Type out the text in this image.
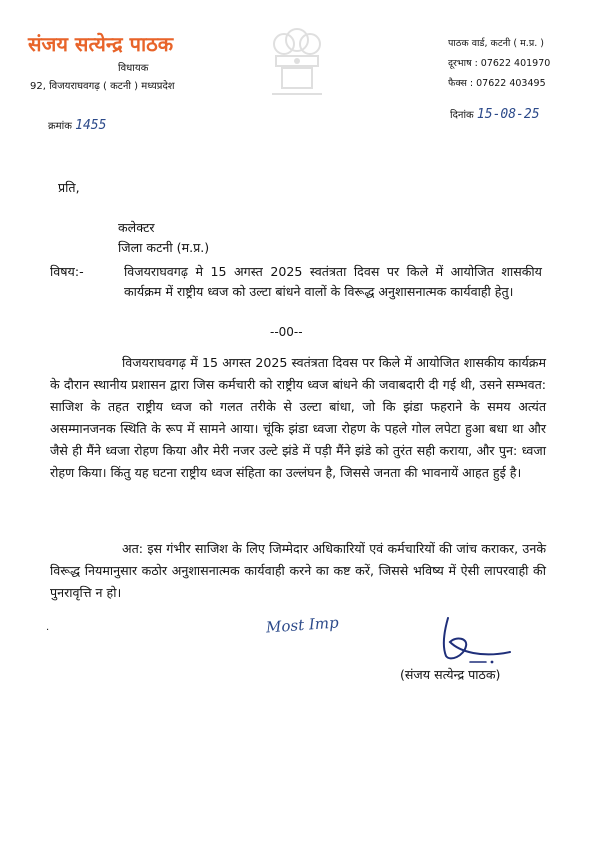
संजय सत्येन्द्र पाठक
विधायक
92, विजयराघवगढ़ ( कटनी ) मध्यप्रदेश
पाठक वार्ड, कटनी ( म.प्र. )
दूरभाष : 07622 401970
फैक्स : 07622 403495
क्रमांक 1455
दिनांक 15-08-25
प्रति,
कलेक्टर
जिला कटनी (म.प्र.)
विषय:-	विजयराघवगढ़ मे 15 अगस्त 2025 स्वतंत्रता दिवस पर किले में आयोजित शासकीय कार्यक्रम में राष्ट्रीय ध्वज को उल्टा बांधने वालों के विरूद्ध अनुशासनात्मक कार्यवाही हेतु।
--00--
विजयराघवगढ़ में 15 अगस्त 2025 स्वतंत्रता दिवस पर किले में आयोजित शासकीय कार्यक्रम के दौरान स्थानीय प्रशासन द्वारा जिस कर्मचारी को राष्ट्रीय ध्वज बांधने की जवाबदारी दी गई थी, उसने सम्भवत: साजिश के तहत राष्ट्रीय ध्वज को गलत तरीके से उल्टा बांधा, जो कि झंडा फहराने के समय अत्यंत असम्मानजनक स्थिति के रूप में सामने आया। चूंकि झंडा ध्वजा रोहण के पहले गोल लपेटा हुआ बधा था और जैसे ही मैंने ध्वजा रोहण किया और मेरी नजर उल्टे झंडे में पड़ी मैंने झंडे को तुरंत सही कराया, और पुन: ध्वजा रोहण किया। किंतु यह घटना राष्ट्रीय ध्वज संहिता का उल्लंघन है, जिससे जनता की भावनायें आहत हुई है।
अत: इस गंभीर साजिश के लिए जिम्मेदार अधिकारियों एवं कर्मचारियों की जांच कराकर, उनके विरूद्ध नियमानुसार कठोर अनुशासनात्मक कार्यवाही करने का कष्ट करें, जिससे भविष्य में ऐसी लापरवाही की पुनरावृत्ति न हो।
.	Most Imp
(संजय सत्येन्द्र पाठक)
